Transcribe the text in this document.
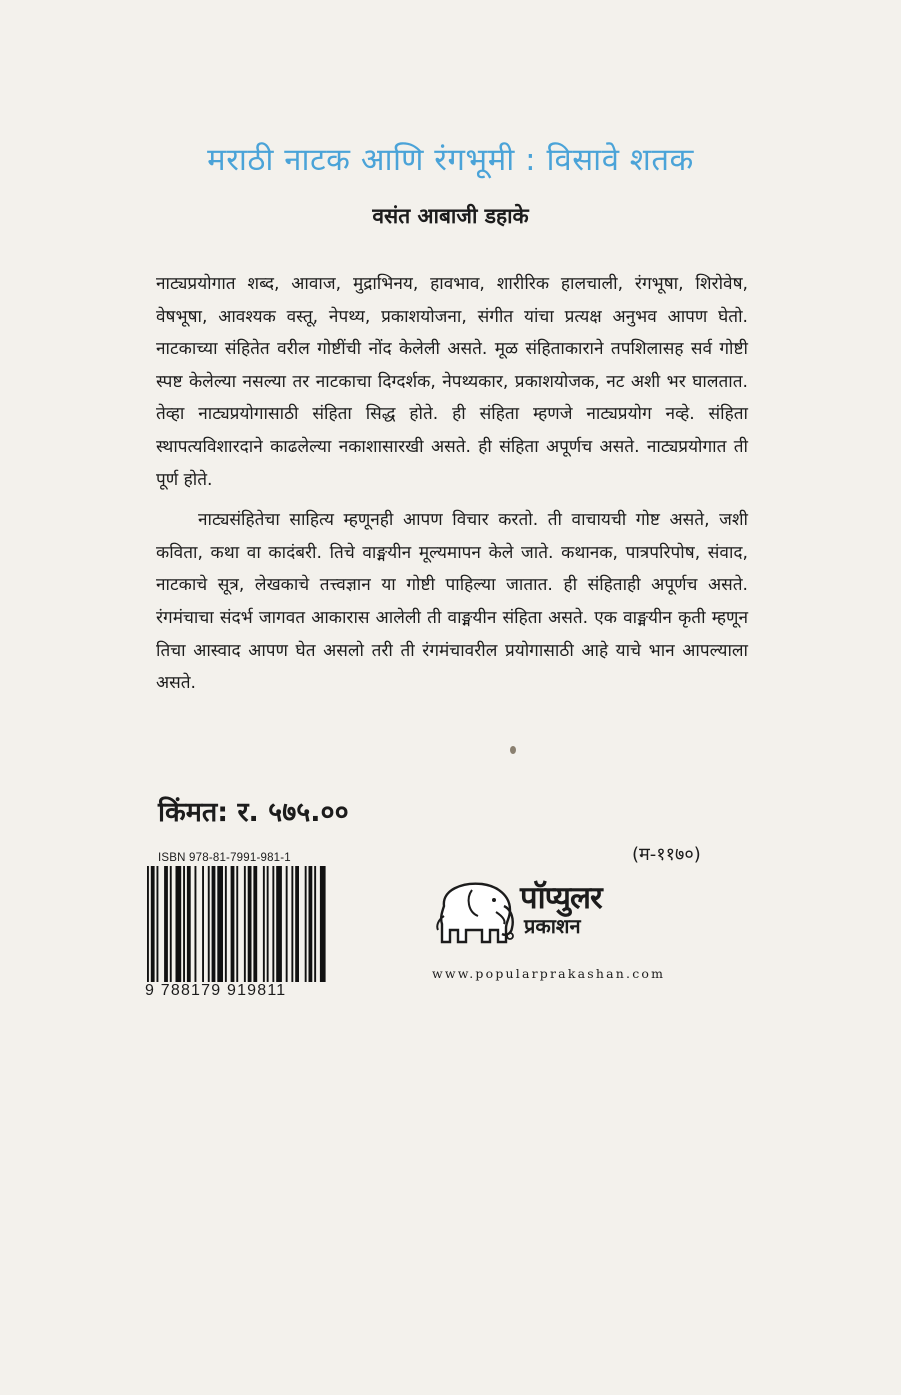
मराठी नाटक आणि रंगभूमी : विसावे शतक
वसंत आबाजी डहाके

नाट्यप्रयोगात शब्द, आवाज, मुद्राभिनय, हावभाव, शारीरिक हालचाली, रंगभूषा, शिरोवेष, वेषभूषा, आवश्यक वस्तू, नेपथ्य, प्रकाशयोजना, संगीत यांचा प्रत्यक्ष अनुभव आपण घेतो. नाटकाच्या संहितेत वरील गोष्टींची नोंद केलेली असते. मूळ संहिताकाराने तपशिलासह सर्व गोष्टी स्पष्ट केलेल्या नसल्या तर नाटकाचा दिग्दर्शक, नेपथ्यकार, प्रकाशयोजक, नट अशी भर घालतात. तेव्हा नाट्यप्रयोगासाठी संहिता सिद्ध होते. ही संहिता म्हणजे नाट्यप्रयोग नव्हे. संहिता स्थापत्यविशारदाने काढलेल्या नकाशासारखी असते. ही संहिता अपूर्णच असते. नाट्यप्रयोगात ती पूर्ण होते.

नाट्यसंहितेचा साहित्य म्हणूनही आपण विचार करतो. ती वाचायची गोष्ट असते, जशी कविता, कथा वा कादंबरी. तिचे वाङ्मयीन मूल्यमापन केले जाते. कथानक, पात्रपरिपोष, संवाद, नाटकाचे सूत्र, लेखकाचे तत्त्वज्ञान या गोष्टी पाहिल्या जातात. ही संहिताही अपूर्णच असते. रंगमंचाचा संदर्भ जागवत आकारास आलेली ती वाङ्मयीन संहिता असते. एक वाङ्मयीन कृती म्हणून तिचा आस्वाद आपण घेत असलो तरी ती रंगमंचावरील प्रयोगासाठी आहे याचे भान आपल्याला असते.

किंमत: र. ५७५.००
ISBN 978-81-7991-981-1
9 788179 919811
(म-११७०)
पॉप्युलर
प्रकाशन
www.popularprakashan.com
